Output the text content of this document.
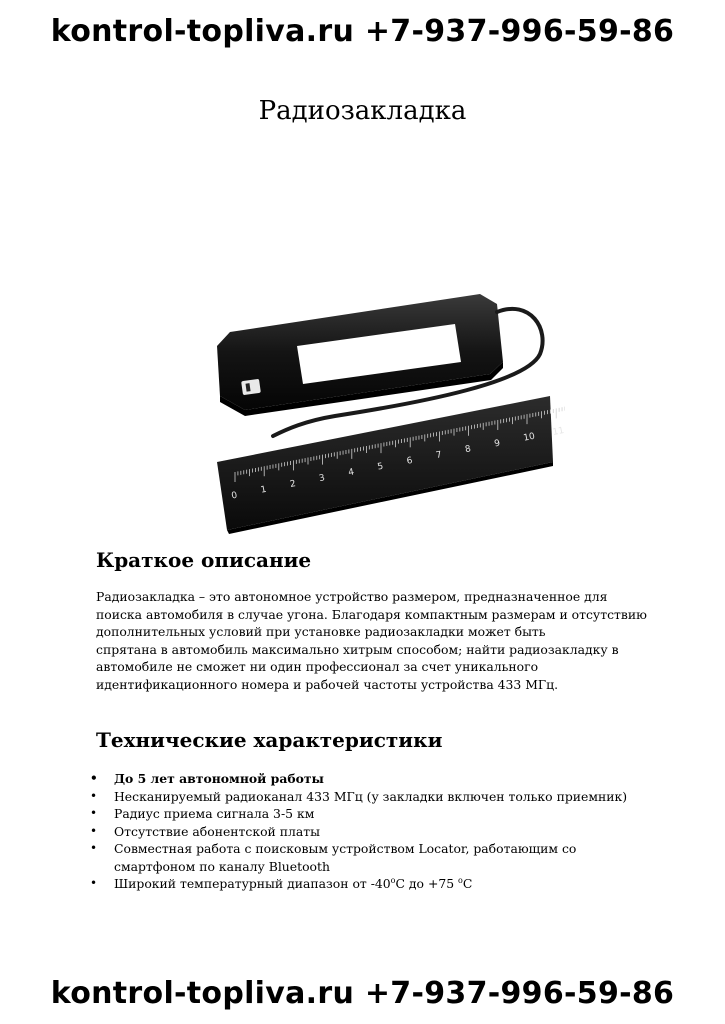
kontrol-topliva.ru +7-937-996-59-86
Радиозакладка
0
1
2
3
4
5
6
7
8
9
10 11
Краткое описание

Радиозакладка – это автономное устройство размером, предназначенное для

поиска автомобиля в случае угона. Благодаря компактным размерам и отсутствию

дополнительных условий при установке радиозакладки может быть

спрятана в автомобиль максимально хитрым способом; найти радиозакладку в

автомобиле не сможет ни один профессионал за счет уникального

идентификационного номера и рабочей частоты устройства 433 МГц.

Технические характеристики
• До 5 лет автономной работы
• Несканируемый радиоканал 433 МГц (у закладки включен только приемник)
• Радиус приема сигнала 3-5 км
• Отсутствие абонентской платы
• Совместная работа с поисковым устройством Locator, работающим со
смартфоном по каналу Bluetooth
• Широкий температурный диапазон от $-40^оС$ до +75 $^о$С
kontrol-topliva.ru +7-937-996-59-86
